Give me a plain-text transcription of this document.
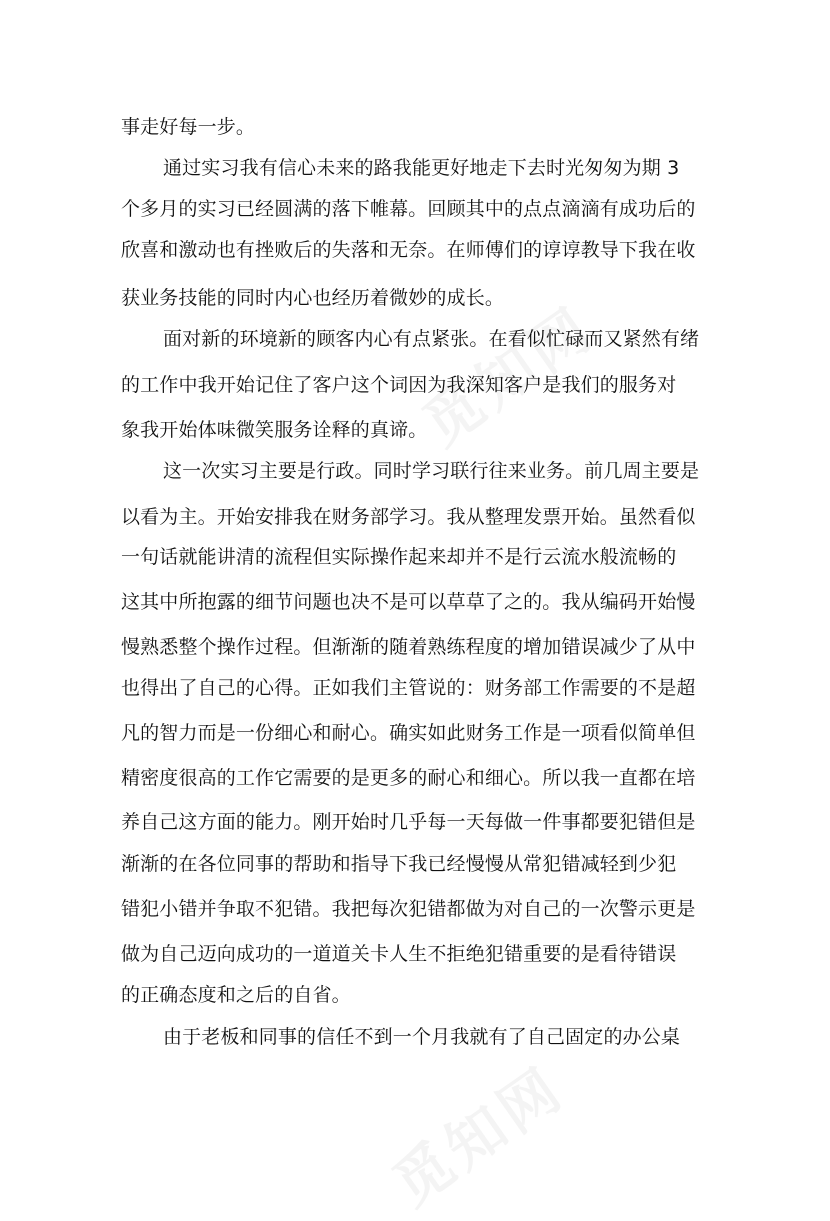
事走好每一步。
通过实习我有信心未来的路我能更好地走下去时光匆匆为期 3
个多月的实习已经圆满的落下帷幕。回顾其中的点点滴滴有成功后的
欣喜和激动也有挫败后的失落和无奈。在师傅们的谆谆教导下我在收
获业务技能的同时内心也经历着微妙的成长。
面对新的环境新的顾客内心有点紧张。在看似忙碌而又紧然有绪
的工作中我开始记住了客户这个词因为我深知客户是我们的服务对
象我开始体味微笑服务诠释的真谛。
这一次实习主要是行政。同时学习联行往来业务。前几周主要是
以看为主。开始安排我在财务部学习。我从整理发票开始。虽然看似
一句话就能讲清的流程但实际操作起来却并不是行云流水般流畅的
这其中所抱露的细节问题也决不是可以草草了之的。我从编码开始慢
慢熟悉整个操作过程。但渐渐的随着熟练程度的增加错误减少了从中
也得出了自己的心得。正如我们主管说的：财务部工作需要的不是超
凡的智力而是一份细心和耐心。确实如此财务工作是一项看似简单但
精密度很高的工作它需要的是更多的耐心和细心。所以我一直都在培
养自己这方面的能力。刚开始时几乎每一天每做一件事都要犯错但是
渐渐的在各位同事的帮助和指导下我已经慢慢从常犯错减轻到少犯
错犯小错并争取不犯错。我把每次犯错都做为对自己的一次警示更是
做为自己迈向成功的一道道关卡人生不拒绝犯错重要的是看待错误
的正确态度和之后的自省。
由于老板和同事的信任不到一个月我就有了自己固定的办公桌
